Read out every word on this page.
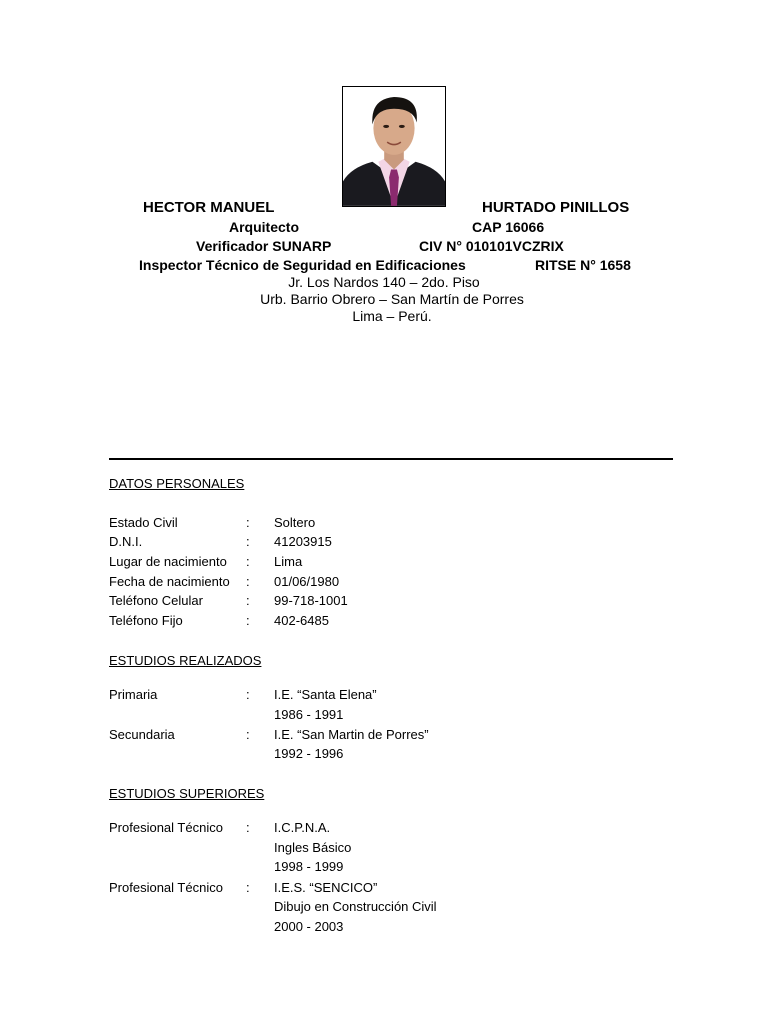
HECTOR MANUEL	HURTADO PINILLOS
Arquitecto	CAP 16066
Verificador SUNARP	CIV N° 010101VCZRIX
Inspector Técnico de Seguridad en Edificaciones	RITSE N° 1658
Jr. Los Nardos 140 – 2do. Piso
Urb. Barrio Obrero – San Martín de Porres
Lima – Perú.
DATOS PERSONALES
Estado Civil	: Soltero
D.N.I.	: 41203915
Lugar de nacimiento : Lima
Fecha de nacimiento : 01/06/1980
Teléfono Celular	: 99-718-1001
Teléfono Fijo	: 402-6485
ESTUDIOS REALIZADOS
Primaria	: I.E. “Santa Elena”
1986 - 1991
Secundaria	: I.E. “San Martin de Porres”
1992 - 1996
ESTUDIOS SUPERIORES
Profesional Técnico : I.C.P.N.A.
Ingles Básico
1998 - 1999
Profesional Técnico : I.E.S. “SENCICO”
Dibujo en Construcción Civil
2000 - 2003
